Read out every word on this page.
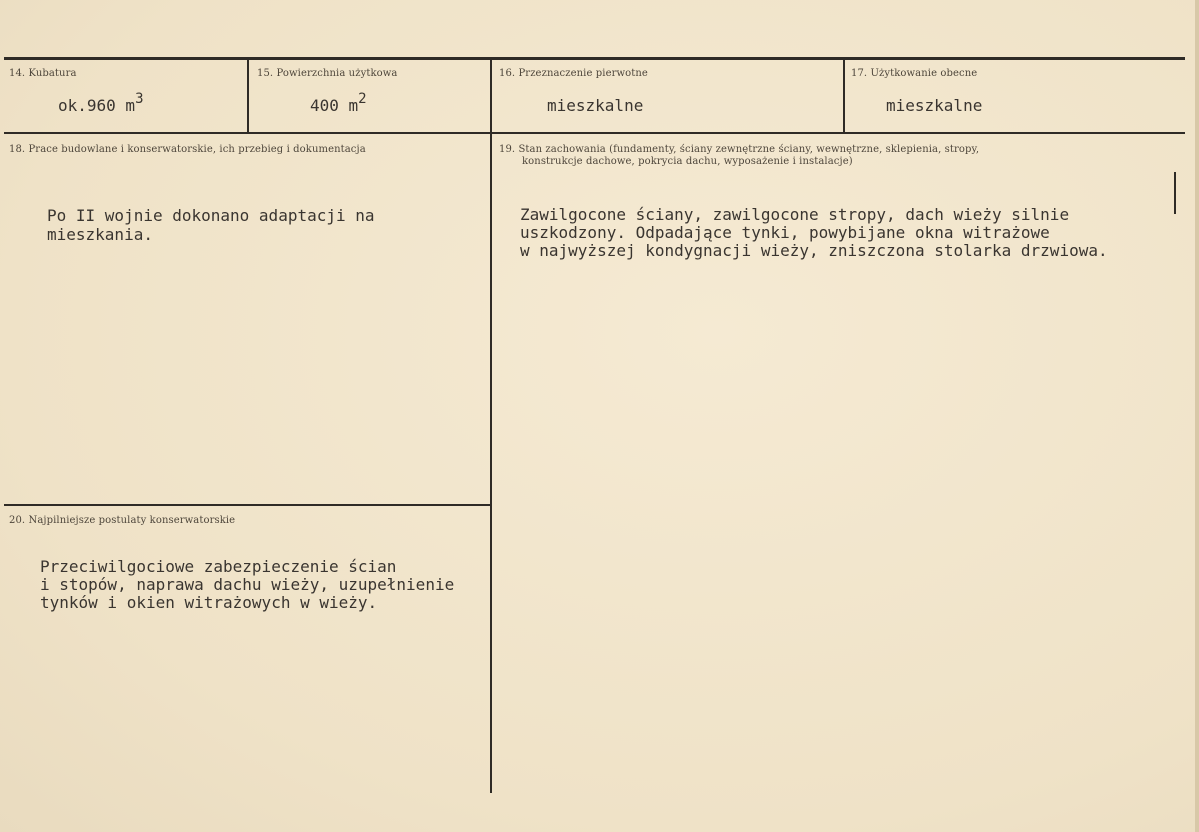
14. Kubatura
ok.960 m3
15. Powierzchnia użytkowa
400 m2
16. Przeznaczenie pierwotne
mieszkalne
17. Użytkowanie obecne
mieszkalne
18. Prace budowlane i konserwatorskie, ich przebieg i dokumentacja
Po II wojnie dokonano adaptacji na
mieszkania.
19. Stan zachowania (fundamenty, ściany zewnętrzne ściany, wewnętrzne, sklepienia, stropy,
konstrukcje dachowe, pokrycia dachu, wyposażenie i instalacje)
Zawilgocone ściany, zawilgocone stropy, dach wieży silnie
uszkodzony. Odpadające tynki, powybijane okna witrażowe
w najwyższej kondygnacji wieży, zniszczona stolarka drzwiowa.
20. Najpilniejsze postulaty konserwatorskie
Przeciwilgociowe zabezpieczenie ścian
i stopów, naprawa dachu wieży, uzupełnienie
tynków i okien witrażowych w wieży.
